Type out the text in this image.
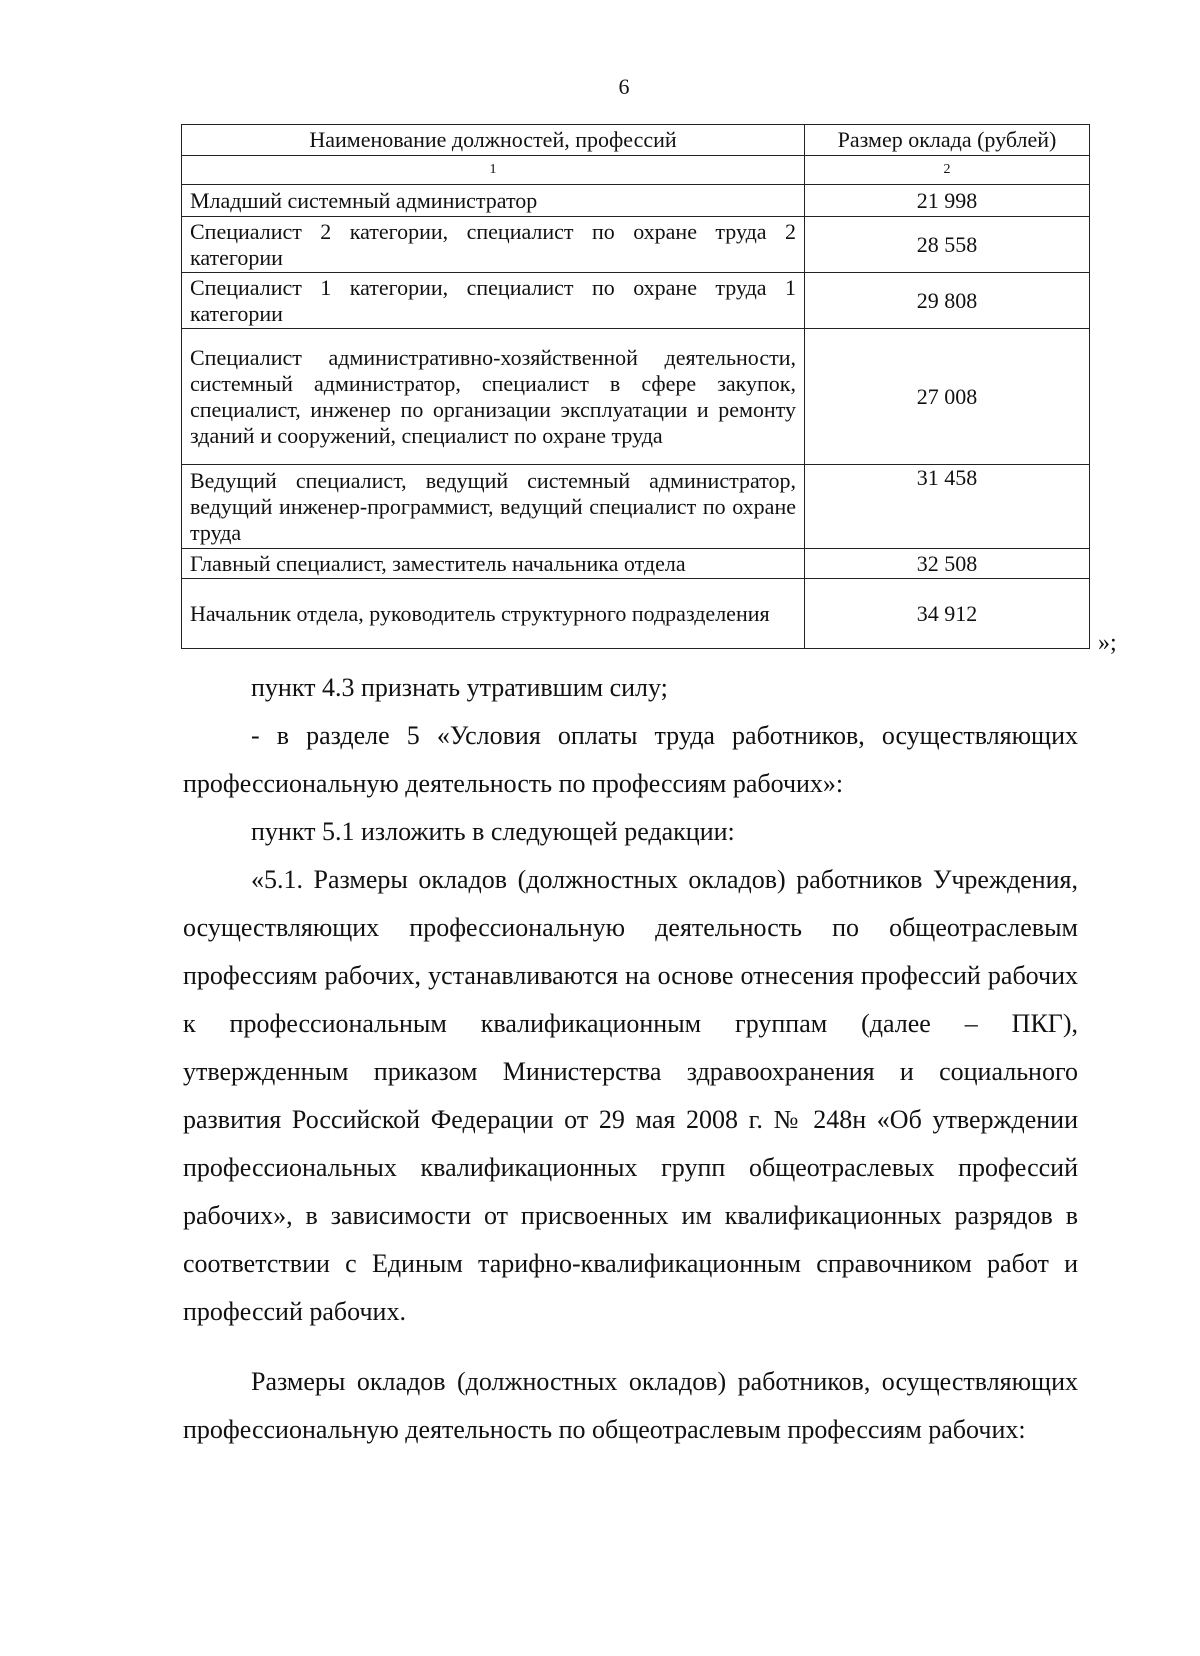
6
Наименование должностей, профессий	Размер оклада (рублей)
1	2
Младший системный администратор	21 998
Специалист 2 категории, специалист по охране труда 2 категории	28 558
Специалист 1 категории, специалист по охране труда 1 категории	29 808
Специалист административно-хозяйственной деятельности, системный администратор, специалист в сфере закупок, специалист, инженер по организации эксплуатации и ремонту зданий и сооружений, специалист по охране труда	27 008
Ведущий специалист, ведущий системный администратор, ведущий инженер-программист, ведущий специалист по охране труда	31 458
Главный специалист, заместитель начальника отдела	32 508
Начальник отдела, руководитель структурного подразделения	34 912
»;

пункт 4.3 признать утратившим силу;

- в разделе 5 «Условия оплаты труда работников, осуществляющих профессиональную деятельность по профессиям рабочих»:

пункт 5.1 изложить в следующей редакции:

«5.1. Размеры окладов (должностных окладов) работников Учреждения, осуществляющих профессиональную деятельность по общеотраслевым профессиям рабочих, устанавливаются на основе отнесения профессий рабочих к профессиональным квалификационным группам (далее – ПКГ), утвержденным приказом Министерства здравоохранения и социального развития Российской Федерации от 29 мая 2008 г. № 248н «Об утверждении профессиональных квалификационных групп общеотраслевых профессий рабочих», в зависимости от присвоенных им квалификационных разрядов в соответствии с Единым тарифно-квалификационным справочником работ и профессий рабочих.

Размеры окладов (должностных окладов) работников, осуществляющих профессиональную деятельность по общеотраслевым профессиям рабочих:
